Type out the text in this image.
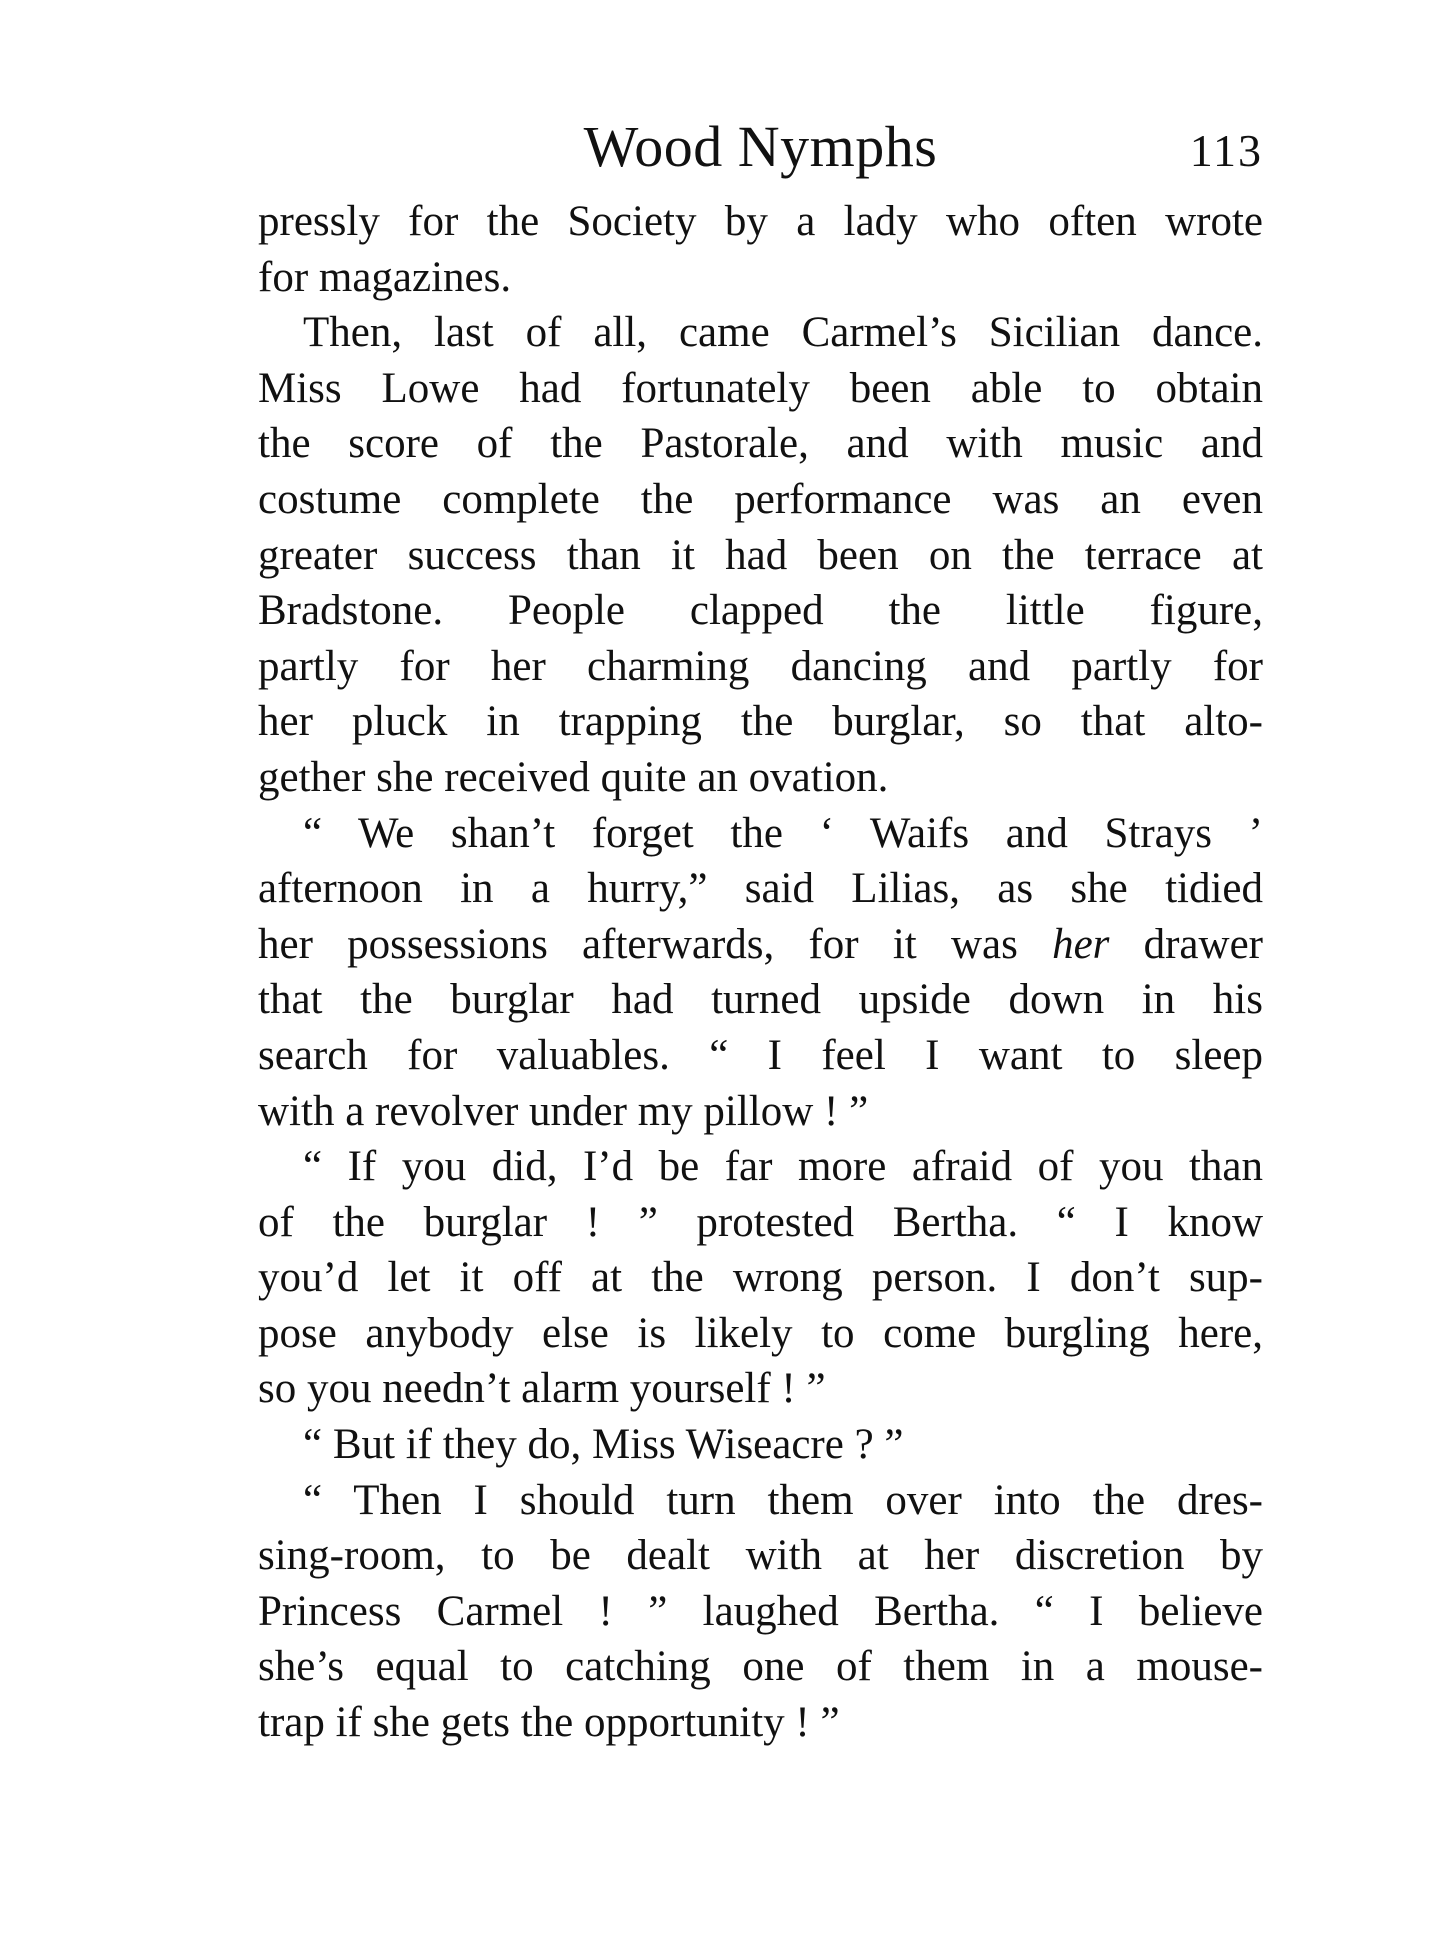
Wood Nymphs	113
pressly for the Society by a lady who often wrote
for magazines.
Then, last of all, came Carmel’s Sicilian dance.
Miss Lowe had fortunately been able to obtain
the score of the Pastorale, and with music and
costume complete the performance was an even
greater success than it had been on the terrace at
Bradstone. People clapped the little figure,
partly for her charming dancing and partly for
her pluck in trapping the burglar, so that alto-
gether she received quite an ovation.
“ We shan’t forget the ‘ Waifs and Strays ’
afternoon in a hurry,” said Lilias, as she tidied
her possessions afterwards, for it was her drawer
that the burglar had turned upside down in his
search for valuables. “ I feel I want to sleep
with a revolver under my pillow ! ”
“ If you did, I’d be far more afraid of you than
of the burglar ! ” protested Bertha. “ I know
you’d let it off at the wrong person. I don’t sup-
pose anybody else is likely to come burgling here,
so you needn’t alarm yourself ! ”
“ But if they do, Miss Wiseacre ? ”
“ Then I should turn them over into the dres-
sing-room, to be dealt with at her discretion by
Princess Carmel ! ” laughed Bertha. “ I believe
she’s equal to catching one of them in a mouse-
trap if she gets the opportunity ! ”
